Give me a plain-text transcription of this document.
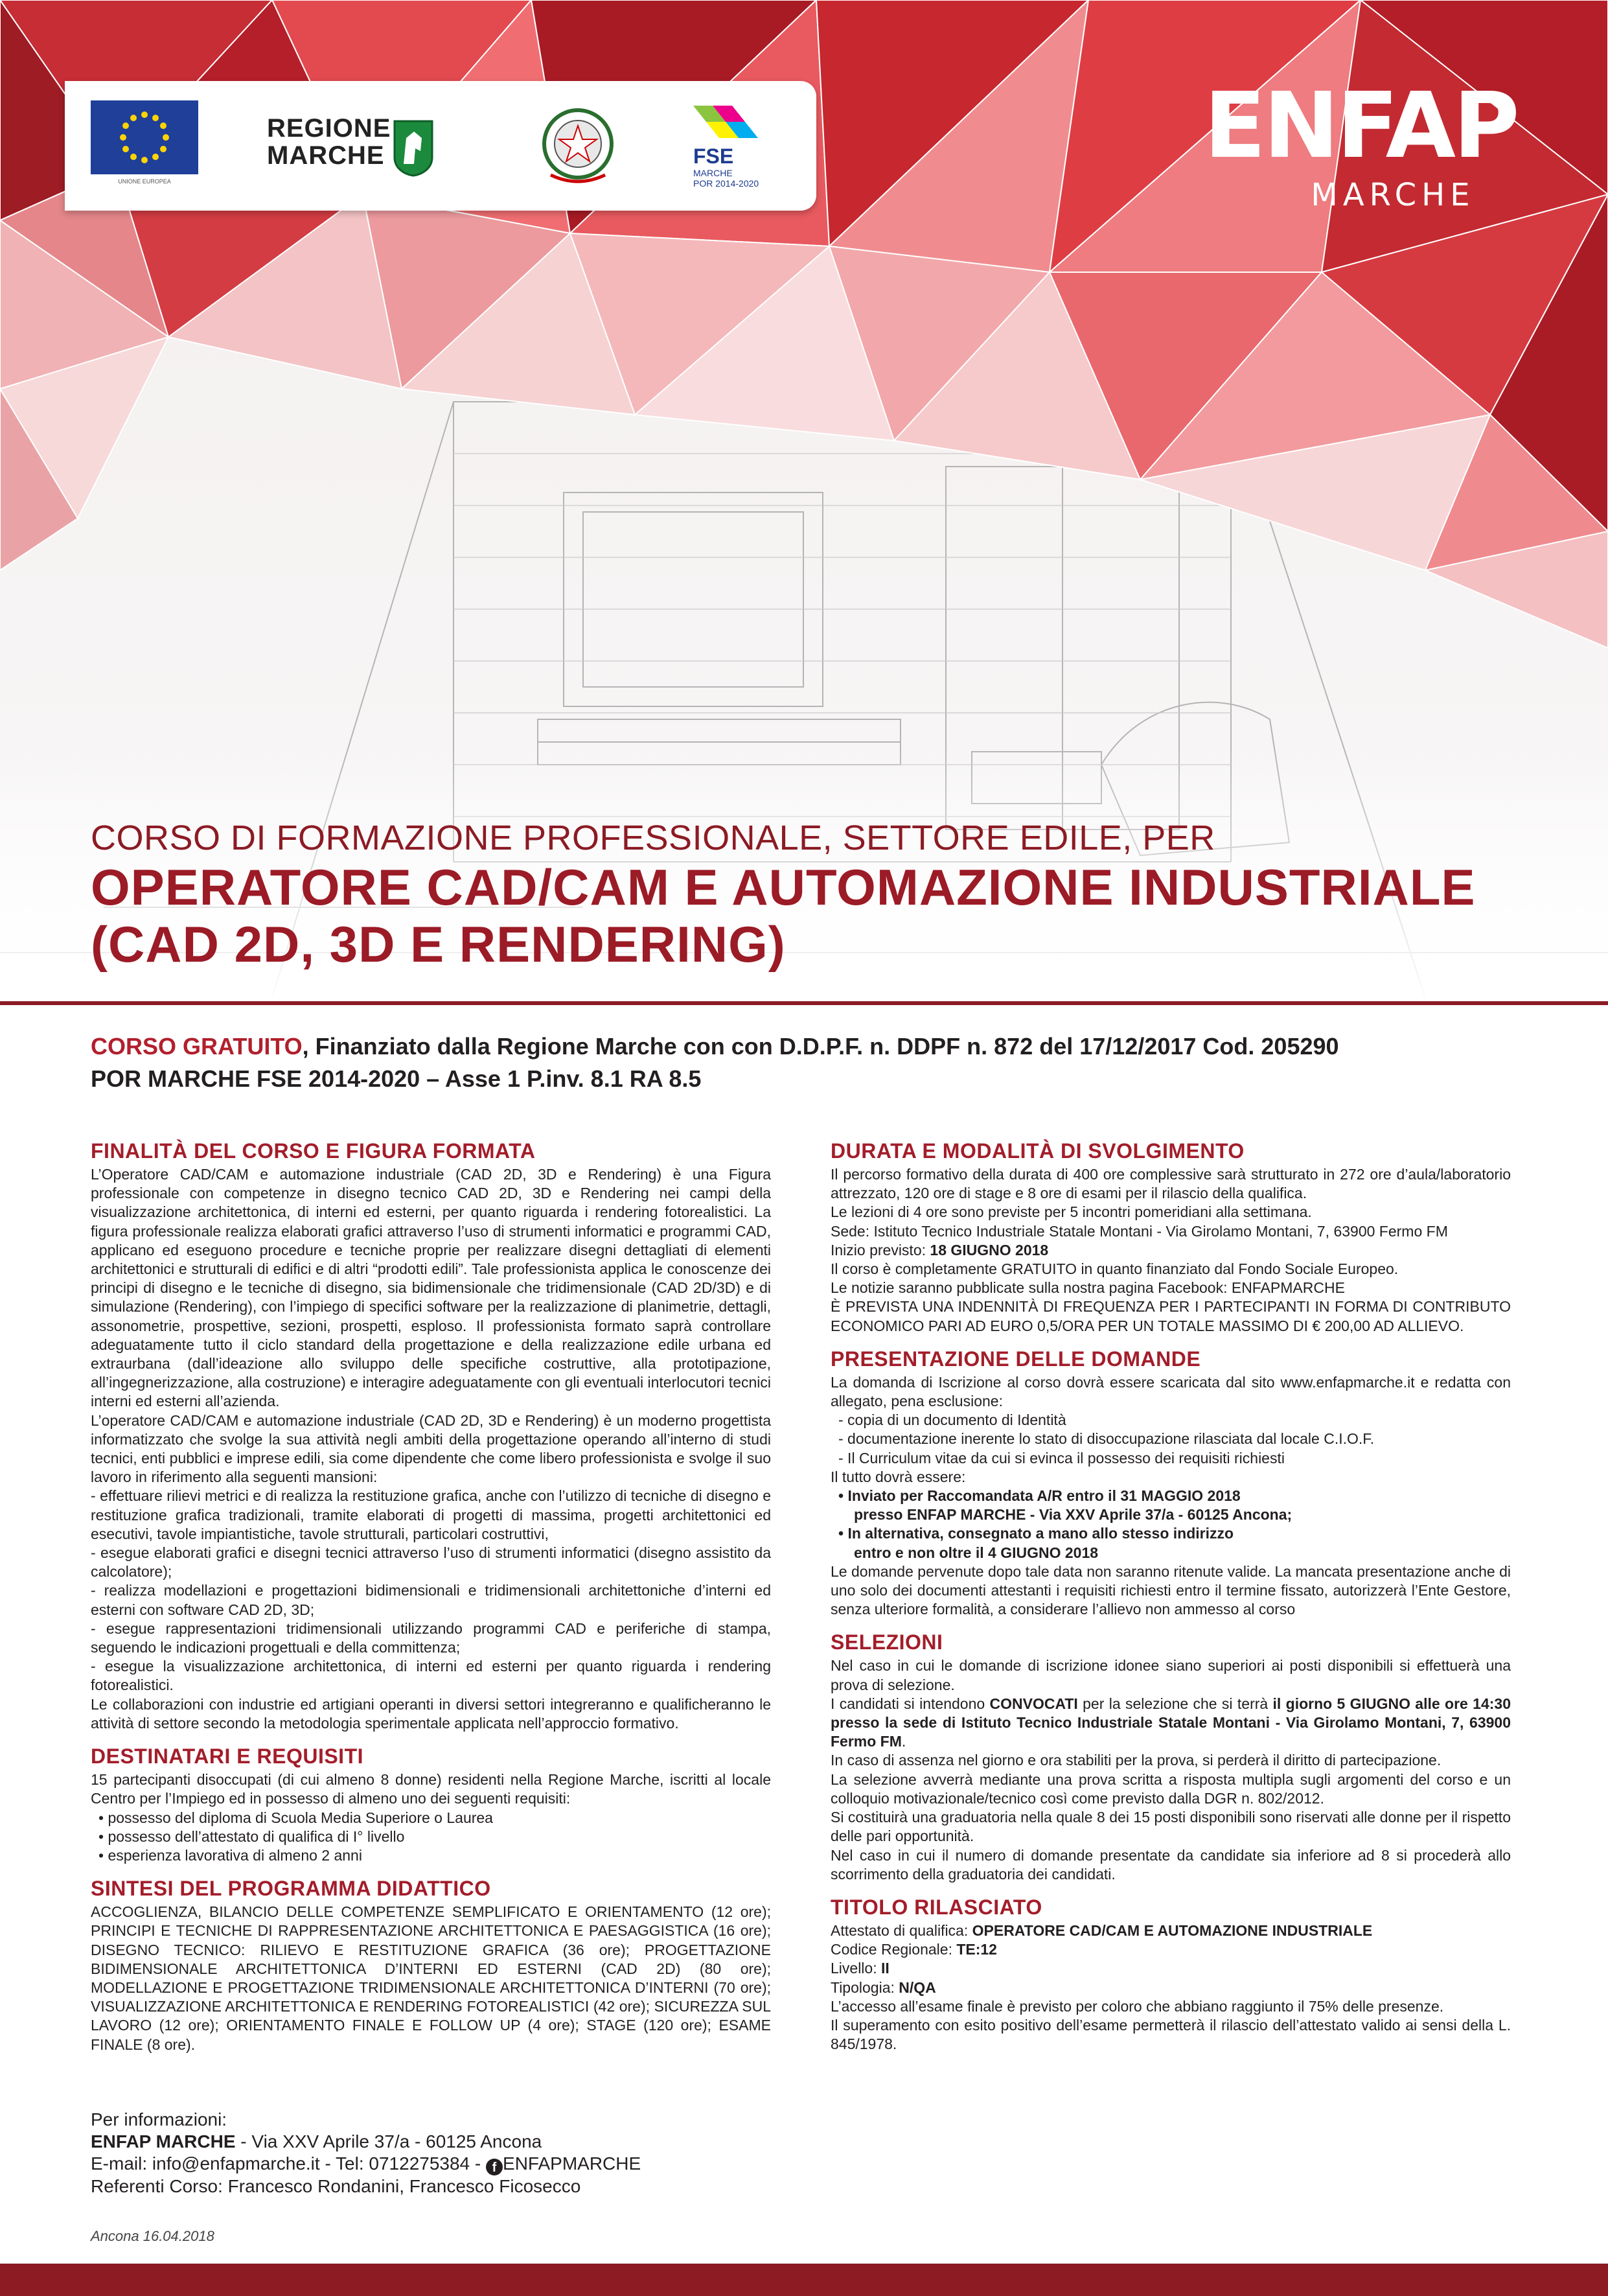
UNIONE EUROPEA
REGIONE
MARCHE	FSE
MARCHE
POR 2014-2020
ENFAP
MARCHE
CORSO DI FORMAZIONE PROFESSIONALE, SETTORE EDILE, PER
OPERATORE CAD/CAM E AUTOMAZIONE INDUSTRIALE
(CAD 2D, 3D E RENDERING)
CORSO GRATUITO, Finanziato dalla Regione Marche con con D.D.P.F. n. DDPF n. 872 del 17/12/2017 Cod. 205290
POR MARCHE FSE 2014-2020 – Asse 1 P.inv. 8.1 RA 8.5
FINALITÀ DEL CORSO E FIGURA FORMATA

L’Operatore CAD/CAM e automazione industriale (CAD 2D, 3D e Rendering) è una Figura professionale con competenze in disegno tecnico CAD 2D, 3D e Rendering nei campi della visualizzazione architettonica, di interni ed esterni, per quanto riguarda i rendering fotorealistici. La figura professionale realizza elaborati grafici attraverso l’uso di strumenti informatici e programmi CAD, applicano ed eseguono procedure e tecniche proprie per realizzare disegni dettagliati di elementi architettonici e strutturali di edifici e di altri “prodotti edili”. Tale professionista applica le conoscenze dei principi di disegno e le tecniche di disegno, sia bidimensionale che tridimensionale (CAD 2D/3D) e di simulazione (Rendering), con l’impiego di specifici software per la realizzazione di planimetrie, dettagli, assonometrie, prospettive, sezioni, prospetti, esploso. Il professionista formato saprà controllare adeguatamente tutto il ciclo standard della progettazione e della realizzazione edile urbana ed extraurbana (dall’ideazione allo sviluppo delle specifiche costruttive, alla prototipazione, all’ingegnerizzazione, alla costruzione) e interagire adeguatamente con gli eventuali interlocutori tecnici interni ed esterni all’azienda.

L’operatore CAD/CAM e automazione industriale (CAD 2D, 3D e Rendering) è un moderno progettista informatizzato che svolge la sua attività negli ambiti della progettazione operando all’interno di studi tecnici, enti pubblici e imprese edili, sia come dipendente che come libero professionista e svolge il suo lavoro in riferimento alla seguenti mansioni:

- effettuare rilievi metrici e di realizza la restituzione grafica, anche con l’utilizzo di tecniche di disegno e restituzione grafica tradizionali, tramite elaborati di progetti di massima, progetti architettonici ed esecutivi, tavole impiantistiche, tavole strutturali, particolari costruttivi,

- esegue elaborati grafici e disegni tecnici attraverso l’uso di strumenti informatici (disegno assistito da calcolatore);

- realizza modellazioni e progettazioni bidimensionali e tridimensionali architettoniche d’interni ed esterni con software CAD 2D, 3D;

- esegue rappresentazioni tridimensionali utilizzando programmi CAD e periferiche di stampa, seguendo le indicazioni progettuali e della committenza;

- esegue la visualizzazione architettonica, di interni ed esterni per quanto riguarda i rendering fotorealistici.

Le collaborazioni con industrie ed artigiani operanti in diversi settori integreranno e qualificheranno le attività di settore secondo la metodologia sperimentale applicata nell’approccio formativo.

DESTINATARI E REQUISITI

15 partecipanti disoccupati (di cui almeno 8 donne) residenti nella Regione Marche, iscritti al locale Centro per l’Impiego ed in possesso di almeno uno dei seguenti requisiti:

• possesso del diploma di Scuola Media Superiore o Laurea

• possesso dell’attestato di qualifica di I° livello

• esperienza lavorativa di almeno 2 anni

SINTESI DEL PROGRAMMA DIDATTICO

ACCOGLIENZA, BILANCIO DELLE COMPETENZE SEMPLIFICATO E ORIENTAMENTO (12 ore); PRINCIPI E TECNICHE DI RAPPRESENTAZIONE ARCHITETTONICA E PAESAGGISTICA (16 ore); DISEGNO TECNICO: RILIEVO E RESTITUZIONE GRAFICA (36 ore); PROGETTAZIONE BIDIMENSIONALE ARCHITETTONICA D’INTERNI ED ESTERNI (CAD 2D) (80 ore); MODELLAZIONE E PROGETTAZIONE TRIDIMENSIONALE ARCHITETTONICA D’INTERNI (70 ore); VISUALIZZAZIONE ARCHITETTONICA E RENDERING FOTOREALISTICI (42 ore); SICUREZZA SUL LAVORO (12 ore); ORIENTAMENTO FINALE E FOLLOW UP (4 ore); STAGE (120 ore); ESAME FINALE (8 ore).

DURATA E MODALITÀ DI SVOLGIMENTO

Il percorso formativo della durata di 400 ore complessive sarà strutturato in 272 ore d’aula/laboratorio attrezzato, 120 ore di stage e 8 ore di esami per il rilascio della qualifica.

Le lezioni di 4 ore sono previste per 5 incontri pomeridiani alla settimana.

Sede: Istituto Tecnico Industriale Statale Montani - Via Girolamo Montani, 7, 63900 Fermo FM

Inizio previsto: 18 GIUGNO 2018

Il corso è completamente GRATUITO in quanto finanziato dal Fondo Sociale Europeo.

Le notizie saranno pubblicate sulla nostra pagina Facebook: ENFAPMARCHE

È PREVISTA UNA INDENNITÀ DI FREQUENZA PER I PARTECIPANTI IN FORMA DI CONTRIBUTO ECONOMICO PARI AD EURO 0,5/ORA PER UN TOTALE MASSIMO DI € 200,00 AD ALLIEVO.

PRESENTAZIONE DELLE DOMANDE

La domanda di Iscrizione al corso dovrà essere scaricata dal sito www.enfapmarche.it e redatta con allegato, pena esclusione:

- copia di un documento di Identità

- documentazione inerente lo stato di disoccupazione rilasciata dal locale C.I.O.F.

- Il Curriculum vitae da cui si evinca il possesso dei requisiti richiesti

Il tutto dovrà essere:

• Inviato per Raccomandata A/R entro il 31 MAGGIO 2018

presso ENFAP MARCHE - Via XXV Aprile 37/a - 60125 Ancona;

• In alternativa, consegnato a mano allo stesso indirizzo

entro e non oltre il 4 GIUGNO 2018

Le domande pervenute dopo tale data non saranno ritenute valide. La mancata presentazione anche di uno solo dei documenti attestanti i requisiti richiesti entro il termine fissato, autorizzerà l’Ente Gestore, senza ulteriore formalità, a considerare l’allievo non ammesso al corso

SELEZIONI

Nel caso in cui le domande di iscrizione idonee siano superiori ai posti disponibili si effettuerà una prova di selezione.

I candidati si intendono CONVOCATI per la selezione che si terrà il giorno 5 GIUGNO alle ore 14:30 presso la sede di Istituto Tecnico Industriale Statale Montani - Via Girolamo Montani, 7, 63900 Fermo FM.

In caso di assenza nel giorno e ora stabiliti per la prova, si perderà il diritto di partecipazione.

La selezione avverrà mediante una prova scritta a risposta multipla sugli argomenti del corso e un colloquio motivazionale/tecnico così come previsto dalla DGR n. 802/2012.

Si costituirà una graduatoria nella quale 8 dei 15 posti disponibili sono riservati alle donne per il rispetto delle pari opportunità.

Nel caso in cui il numero di domande presentate da candidate sia inferiore ad 8 si procederà allo scorrimento della graduatoria dei candidati.

TITOLO RILASCIATO

Attestato di qualifica: OPERATORE CAD/CAM E AUTOMAZIONE INDUSTRIALE

Codice Regionale: TE:12

Livello: II

Tipologia: N/QA

L’accesso all’esame finale è previsto per coloro che abbiano raggiunto il 75% delle presenze.

Il superamento con esito positivo dell’esame permetterà il rilascio dell’attestato valido ai sensi della L. 845/1978.

Per informazioni:
ENFAP MARCHE - Via XXV Aprile 37/a - 60125 Ancona
E-mail: info@enfapmarche.it - Tel: 0712275384 - f ENFAPMARCHE
Referenti Corso: Francesco Rondanini, Francesco Ficosecco
Ancona 16.04.2018
